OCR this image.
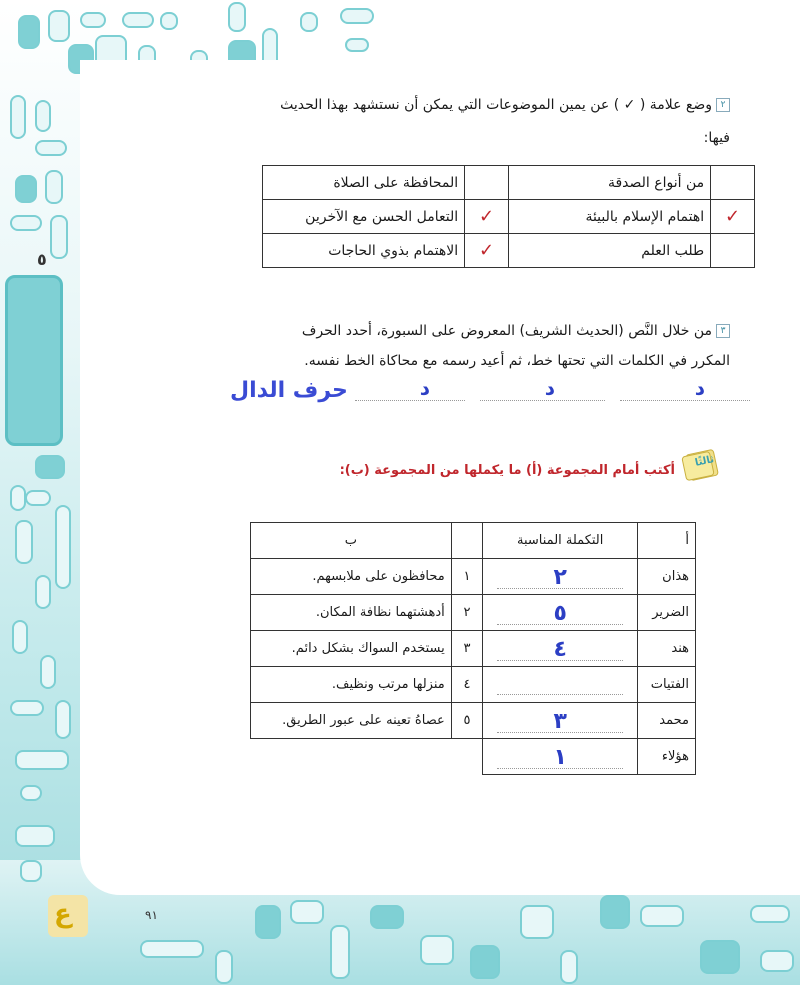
٥
٢وضع علامة ( ✓ ) عن يمين الموضوعات التي يمكن أن نستشهد بهذا الحديث
فيها:
	من أنواع الصدقة		المحافظة على الصلاة
✓	اهتمام الإسلام بالبيئة	✓	التعامل الحسن مع الآخرين
	طلب العلم	✓	الاهتمام بذوي الحاجات
٣من خلال النَّص (الحديث الشريف) المعروض على السبورة، أحدد الحرف
المكرر في الكلمات التي تحتها خط، ثم أعيد رسمه مع محاكاة الخط نفسه.
د
د
د
حرف الدال
ثالثًا
أكتب أمام المجموعة (أ) ما يكملها من المجموعة (ب):
أ	التكملة المناسبة		ب
هذان	٢	١	محافظون على ملابسهم.
الضرير	٥	٢	أدهشتهما نظافة المكان.
هند	٤	٣	يستخدم السواك بشكل دائم.
الفتيات		٤	منزلها مرتب ونظيف.
محمد	٣	٥	عصاهُ تعينه على عبور الطريق.
هؤلاء	١

ع	٩١
